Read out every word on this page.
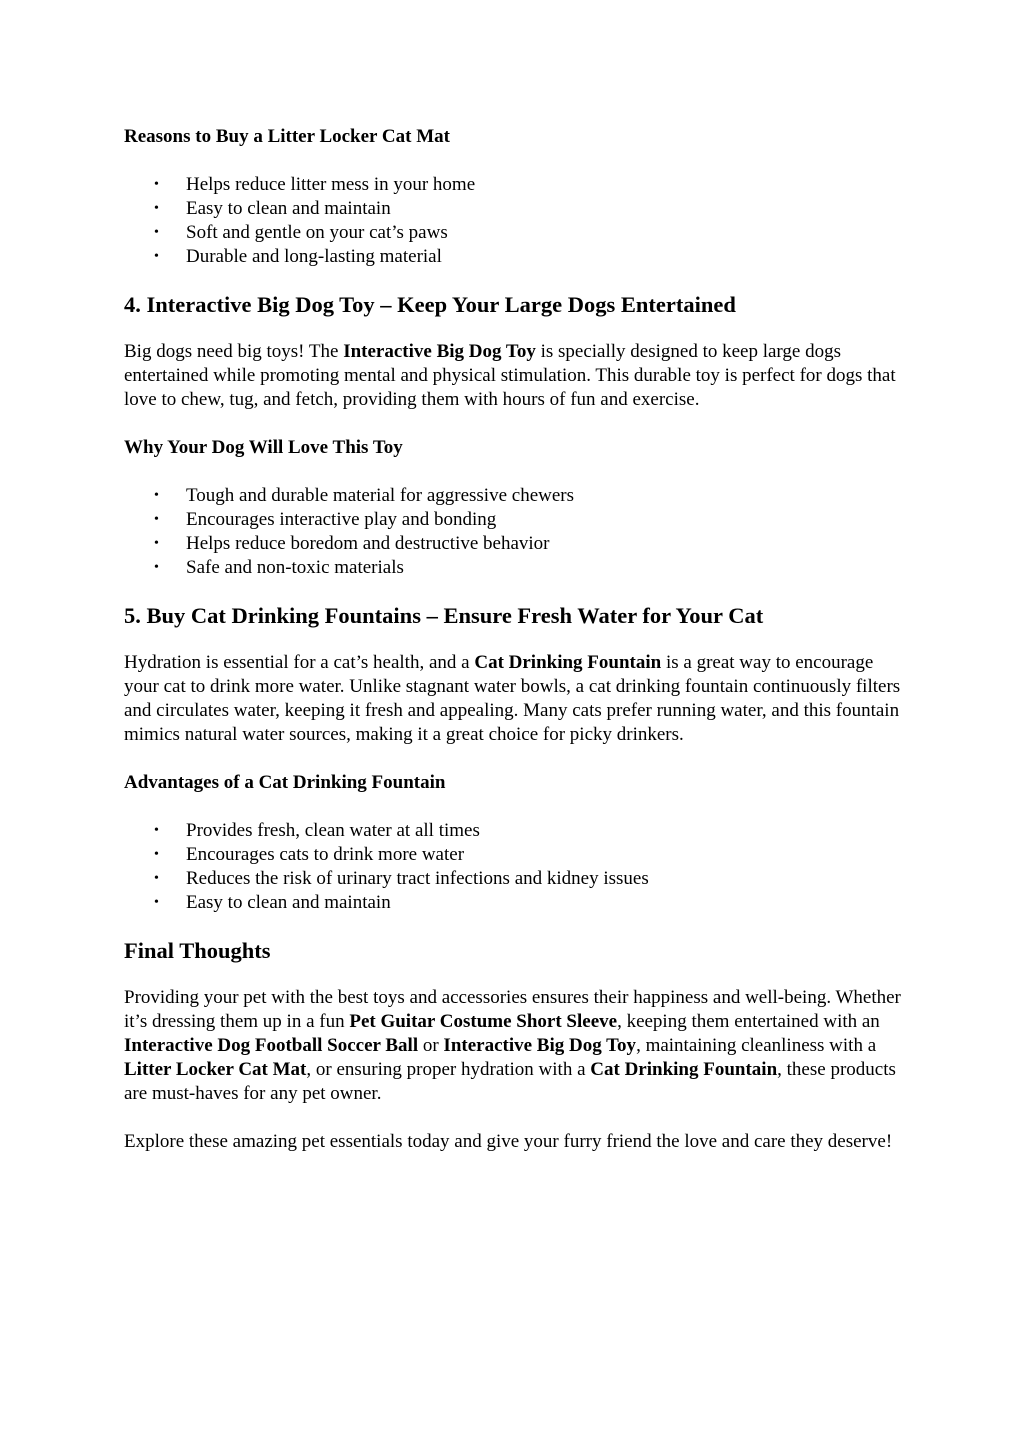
Reasons to Buy a Litter Locker Cat Mat

• Helps reduce litter mess in your home
• Easy to clean and maintain
• Soft and gentle on your cat’s paws
• Durable and long-lasting material
4. Interactive Big Dog Toy – Keep Your Large Dogs Entertained

Big dogs need big toys! The Interactive Big Dog Toy is specially designed to keep large dogs entertained while promoting mental and physical stimulation. This durable toy is perfect for dogs that love to chew, tug, and fetch, providing them with hours of fun and exercise.

Why Your Dog Will Love This Toy

• Tough and durable material for aggressive chewers
• Encourages interactive play and bonding
• Helps reduce boredom and destructive behavior
• Safe and non-toxic materials
5. Buy Cat Drinking Fountains – Ensure Fresh Water for Your Cat

Hydration is essential for a cat’s health, and a Cat Drinking Fountain is a great way to encourage your cat to drink more water. Unlike stagnant water bowls, a cat drinking fountain continuously filters and circulates water, keeping it fresh and appealing. Many cats prefer running water, and this fountain mimics natural water sources, making it a great choice for picky drinkers.

Advantages of a Cat Drinking Fountain

• Provides fresh, clean water at all times
• Encourages cats to drink more water
• Reduces the risk of urinary tract infections and kidney issues
• Easy to clean and maintain
Final Thoughts

Providing your pet with the best toys and accessories ensures their happiness and well-being. Whether it’s dressing them up in a fun Pet Guitar Costume Short Sleeve, keeping them entertained with an Interactive Dog Football Soccer Ball or Interactive Big Dog Toy, maintaining cleanliness with a Litter Locker Cat Mat, or ensuring proper hydration with a Cat Drinking Fountain, these products are must-haves for any pet owner.

Explore these amazing pet essentials today and give your furry friend the love and care they deserve!
